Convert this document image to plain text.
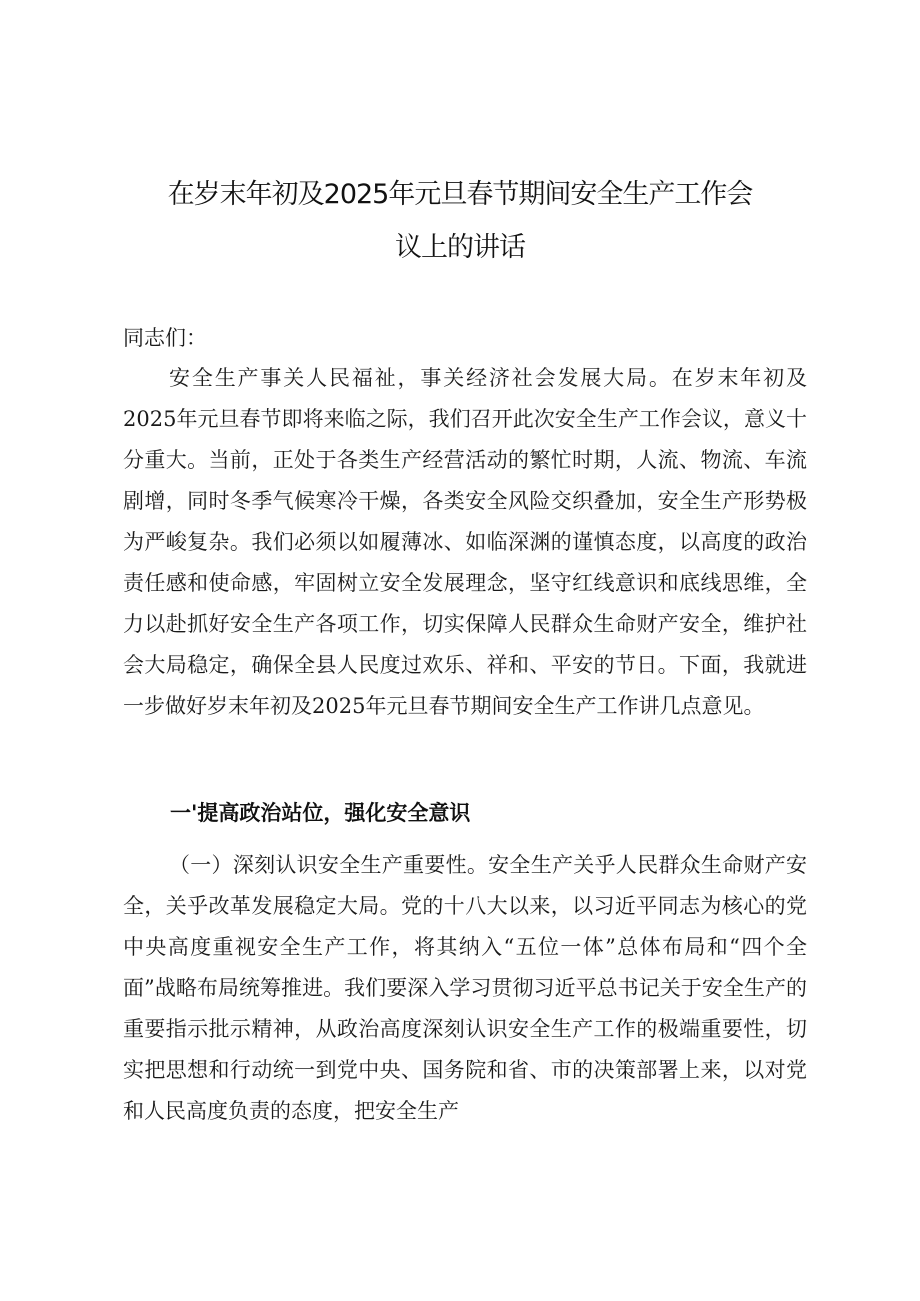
在岁末年初及2025年元旦春节期间安全生产工作会
议上的讲话

同志们：

安全生产事关人民福祉，事关经济社会发展大局。在岁末年初及2025年元旦春节即将来临之际，我们召开此次安全生产工作会议，意义十分重大。当前，正处于各类生产经营活动的繁忙时期，人流、物流、车流剧增，同时冬季气候寒冷干燥，各类安全风险交织叠加，安全生产形势极为严峻复杂。我们必须以如履薄冰、如临深渊的谨慎态度，以高度的政治责任感和使命感，牢固树立安全发展理念，坚守红线意识和底线思维，全力以赴抓好安全生产各项工作，切实保障人民群众生命财产安全，维护社会大局稳定，确保全县人民度过欢乐、祥和、平安的节日。下面，我就进一步做好岁末年初及2025年元旦春节期间安全生产工作讲几点意见。

一'提高政治站位，强化安全意识

（一）深刻认识安全生产重要性。安全生产关乎人民群众生命财产安全，关乎改革发展稳定大局。党的十八大以来，以习近平同志为核心的党中央高度重视安全生产工作，将其纳入“五位一体”总体布局和“四个全面”战略布局统筹推进。我们要深入学习贯彻习近平总书记关于安全生产的重要指示批示精神，从政治高度深刻认识安全生产工作的极端重要性，切实把思想和行动统一到党中央、国务院和省、市的决策部署上来，以对党和人民高度负责的态度，把安全生产
